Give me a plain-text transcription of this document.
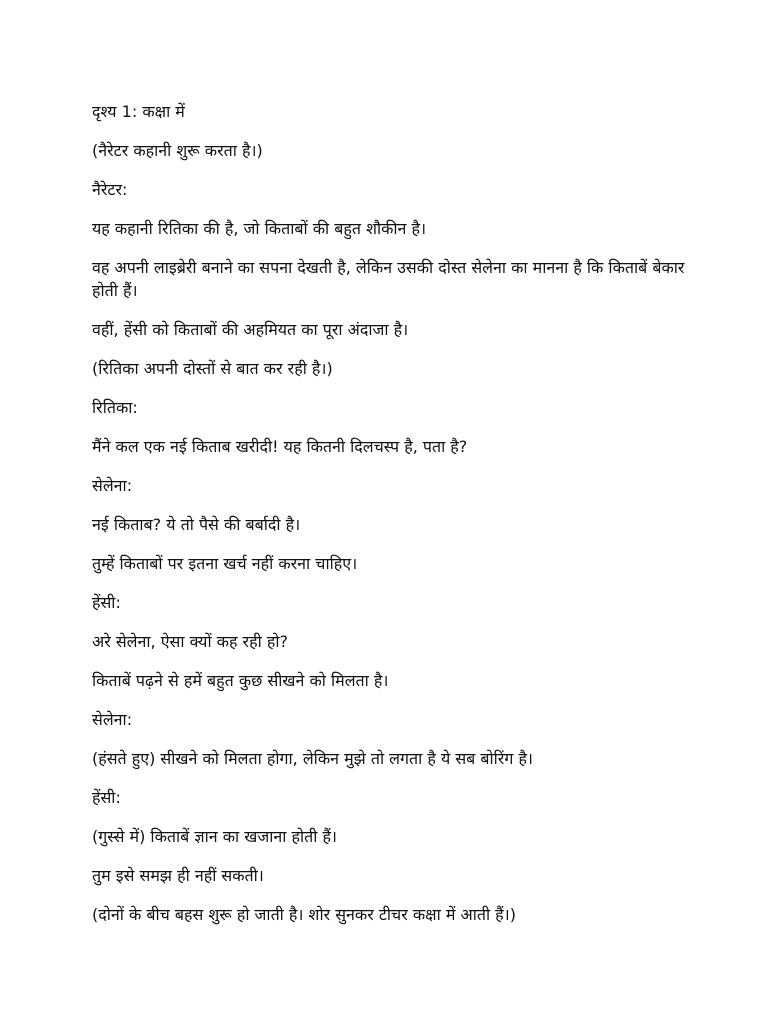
दृश्य 1: कक्षा में

(नैरेटर कहानी शुरू करता है।)

नैरेटर:

यह कहानी रितिका की है, जो किताबों की बहुत शौकीन है।

वह अपनी लाइब्रेरी बनाने का सपना देखती है, लेकिन उसकी दोस्त सेलेना का मानना है कि किताबें बेकार होती हैं।

वहीं, हेंसी को किताबों की अहमियत का पूरा अंदाजा है।

(रितिका अपनी दोस्तों से बात कर रही है।)

रितिका:

मैंने कल एक नई किताब खरीदी! यह कितनी दिलचस्प है, पता है?

सेलेना:

नई किताब? ये तो पैसे की बर्बादी है।

तुम्हें किताबों पर इतना खर्च नहीं करना चाहिए।

हेंसी:

अरे सेलेना, ऐसा क्यों कह रही हो?

किताबें पढ़ने से हमें बहुत कुछ सीखने को मिलता है।

सेलेना:

(हंसते हुए) सीखने को मिलता होगा, लेकिन मुझे तो लगता है ये सब बोरिंग है।

हेंसी:

(गुस्से में) किताबें ज्ञान का खजाना होती हैं।

तुम इसे समझ ही नहीं सकती।

(दोनों के बीच बहस शुरू हो जाती है। शोर सुनकर टीचर कक्षा में आती हैं।)
